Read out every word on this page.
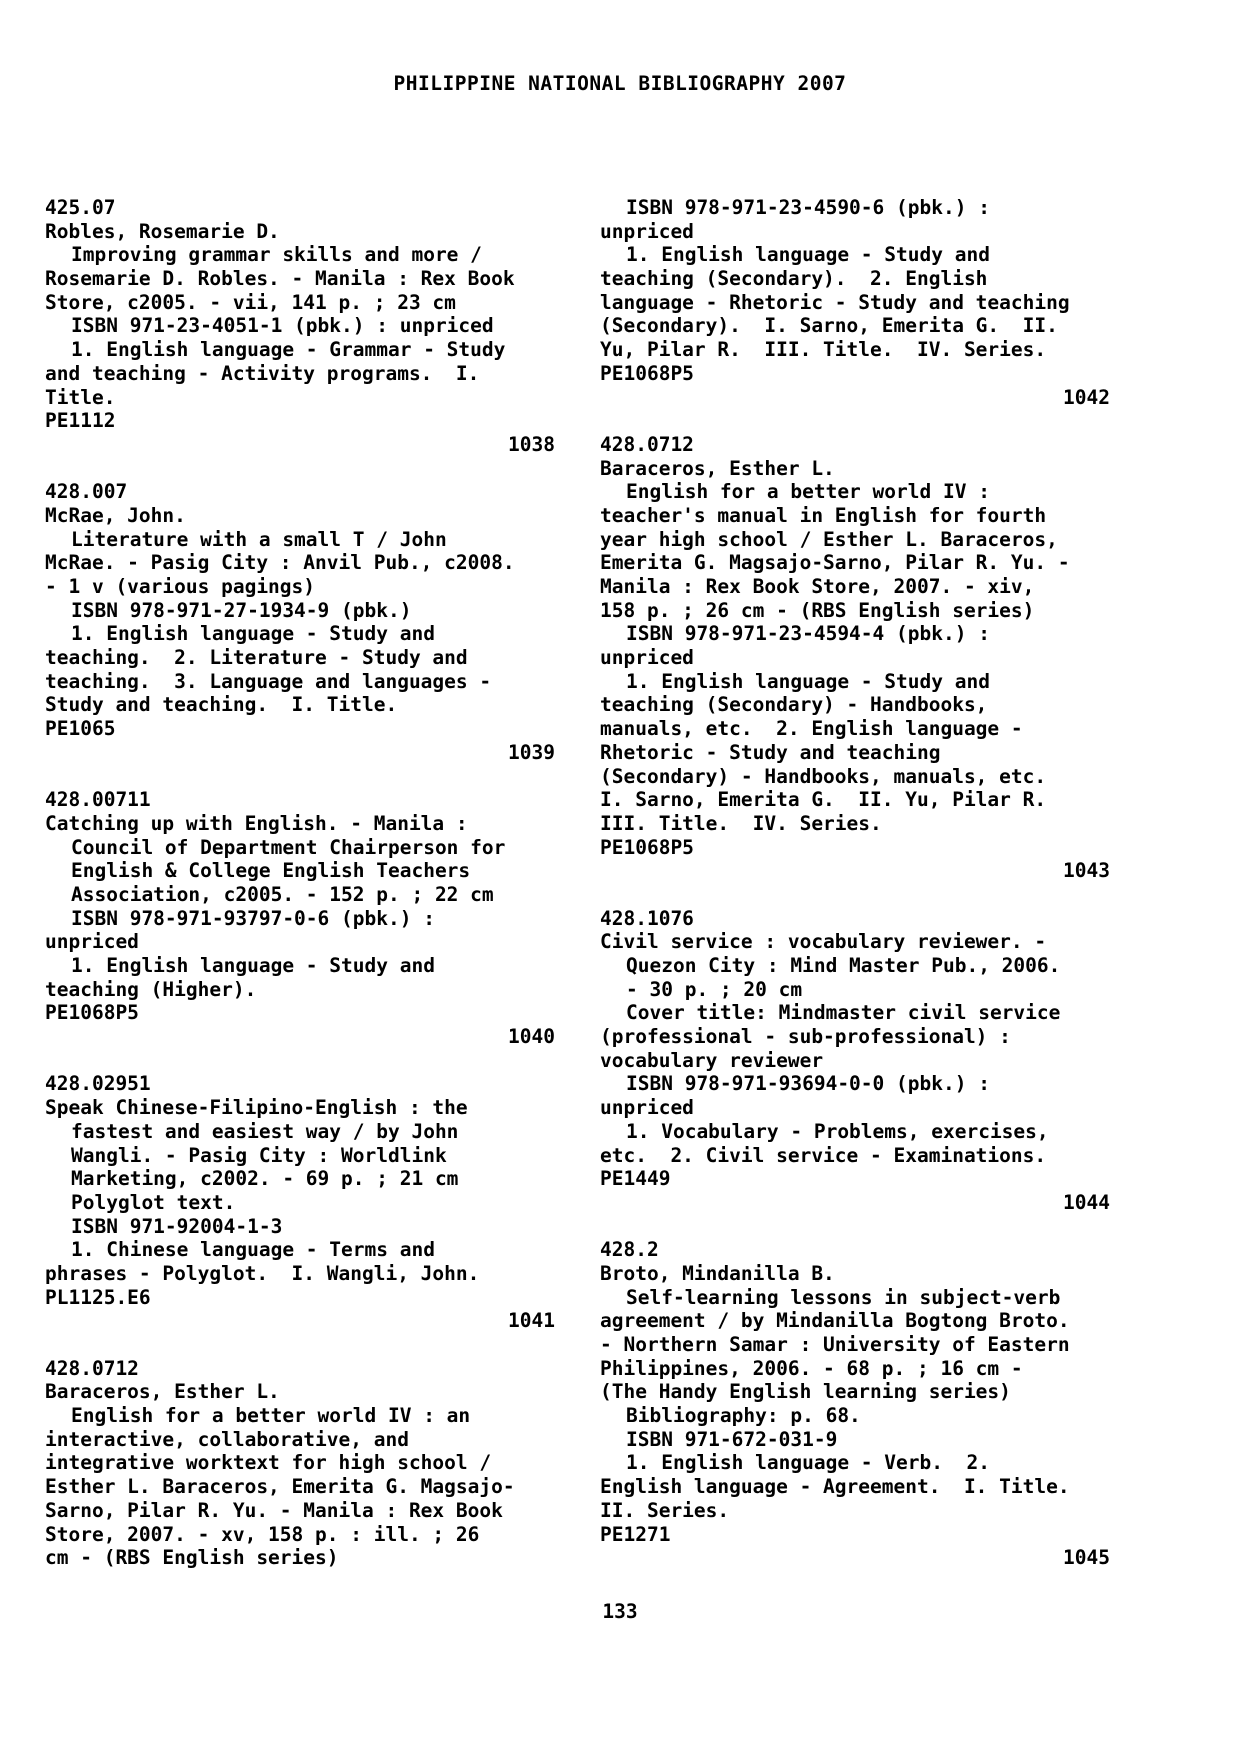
PHILIPPINE NATIONAL BIBLIOGRAPHY 2007
425.07
Robles, Rosemarie D.
Improving grammar skills and more /
Rosemarie D. Robles. - Manila : Rex Book
Store, c2005. - vii, 141 p. ; 23 cm
ISBN 971-23-4051-1 (pbk.) : unpriced
1. English language - Grammar - Study
and teaching - Activity programs.  I.
Title.
PE1112
1038
428.007
McRae, John.
Literature with a small T / John
McRae. - Pasig City : Anvil Pub., c2008.
- 1 v (various pagings)
ISBN 978-971-27-1934-9 (pbk.)
1. English language - Study and
teaching.  2. Literature - Study and
teaching.  3. Language and languages -
Study and teaching.  I. Title.
PE1065
1039
428.00711
Catching up with English. - Manila :
Council of Department Chairperson for
English & College English Teachers
Association, c2005. - 152 p. ; 22 cm
ISBN 978-971-93797-0-6 (pbk.) :
unpriced
1. English language - Study and
teaching (Higher).
PE1068P5
1040
428.02951
Speak Chinese-Filipino-English : the
fastest and easiest way / by John
Wangli. - Pasig City : Worldlink
Marketing, c2002. - 69 p. ; 21 cm
Polyglot text.
ISBN 971-92004-1-3
1. Chinese language - Terms and
phrases - Polyglot.  I. Wangli, John.
PL1125.E6
1041
428.0712
Baraceros, Esther L.
English for a better world IV : an
interactive, collaborative, and
integrative worktext for high school /
Esther L. Baraceros, Emerita G. Magsajo-
Sarno, Pilar R. Yu. - Manila : Rex Book
Store, 2007. - xv, 158 p. : ill. ; 26
cm - (RBS English series)
ISBN 978-971-23-4590-6 (pbk.) :
unpriced
1. English language - Study and
teaching (Secondary).  2. English
language - Rhetoric - Study and teaching
(Secondary).  I. Sarno, Emerita G.  II.
Yu, Pilar R.  III. Title.  IV. Series.
PE1068P5
1042
428.0712
Baraceros, Esther L.
English for a better world IV :
teacher's manual in English for fourth
year high school / Esther L. Baraceros,
Emerita G. Magsajo-Sarno, Pilar R. Yu. -
Manila : Rex Book Store, 2007. - xiv,
158 p. ; 26 cm - (RBS English series)
ISBN 978-971-23-4594-4 (pbk.) :
unpriced
1. English language - Study and
teaching (Secondary) - Handbooks,
manuals, etc.  2. English language -
Rhetoric - Study and teaching
(Secondary) - Handbooks, manuals, etc.
I. Sarno, Emerita G.  II. Yu, Pilar R.
III. Title.  IV. Series.
PE1068P5
1043
428.1076
Civil service : vocabulary reviewer. -
Quezon City : Mind Master Pub., 2006.
- 30 p. ; 20 cm
Cover title: Mindmaster civil service
(professional - sub-professional) :
vocabulary reviewer
ISBN 978-971-93694-0-0 (pbk.) :
unpriced
1. Vocabulary - Problems, exercises,
etc.  2. Civil service - Examinations.
PE1449
1044
428.2
Broto, Mindanilla B.
Self-learning lessons in subject-verb
agreement / by Mindanilla Bogtong Broto.
- Northern Samar : University of Eastern
Philippines, 2006. - 68 p. ; 16 cm -
(The Handy English learning series)
Bibliography: p. 68.
ISBN 971-672-031-9
1. English language - Verb.  2.
English language - Agreement.  I. Title.
II. Series.
PE1271
1045
133
